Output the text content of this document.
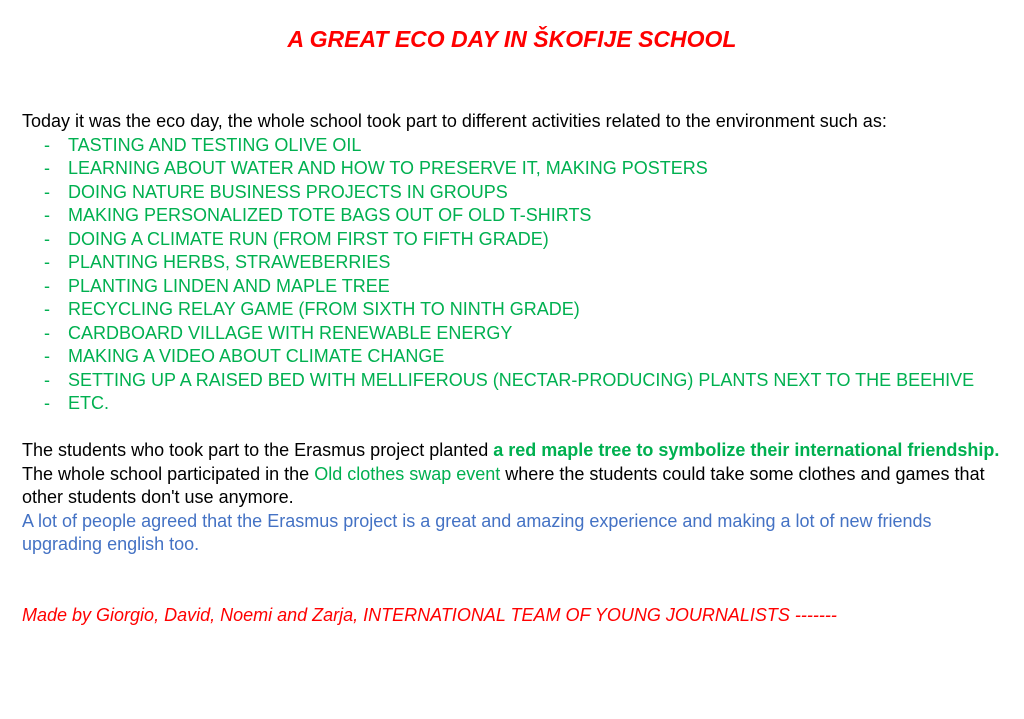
A GREAT ECO DAY IN ŠKOFIJE SCHOOL

Today it was the eco day, the whole school took part to different activities related to the environment such as:

- TASTING AND TESTING OLIVE OIL
- LEARNING ABOUT WATER AND HOW TO PRESERVE IT, MAKING POSTERS
- DOING NATURE BUSINESS PROJECTS IN GROUPS
- MAKING PERSONALIZED TOTE BAGS OUT OF OLD T-SHIRTS
- DOING A CLIMATE RUN (FROM FIRST TO FIFTH GRADE)
- PLANTING HERBS, STRAWEBERRIES
- PLANTING LINDEN AND MAPLE TREE
- RECYCLING RELAY GAME (FROM SIXTH TO NINTH GRADE)
- CARDBOARD VILLAGE WITH RENEWABLE ENERGY
- MAKING A VIDEO ABOUT CLIMATE CHANGE
- SETTING UP A RAISED BED WITH MELLIFEROUS (NECTAR-PRODUCING) PLANTS NEXT TO THE BEEHIVE
- ETC.

The students who took part to the Erasmus project planted a red maple tree to symbolize their international friendship.

The whole school participated in the Old clothes swap event where the students could take some clothes and games that other students don't use anymore.

A lot of people agreed that the Erasmus project is a great and amazing experience and making a lot of new friends upgrading english too.

Made by Giorgio, David, Noemi and Zarja, INTERNATIONAL TEAM OF YOUNG JOURNALISTS -------
